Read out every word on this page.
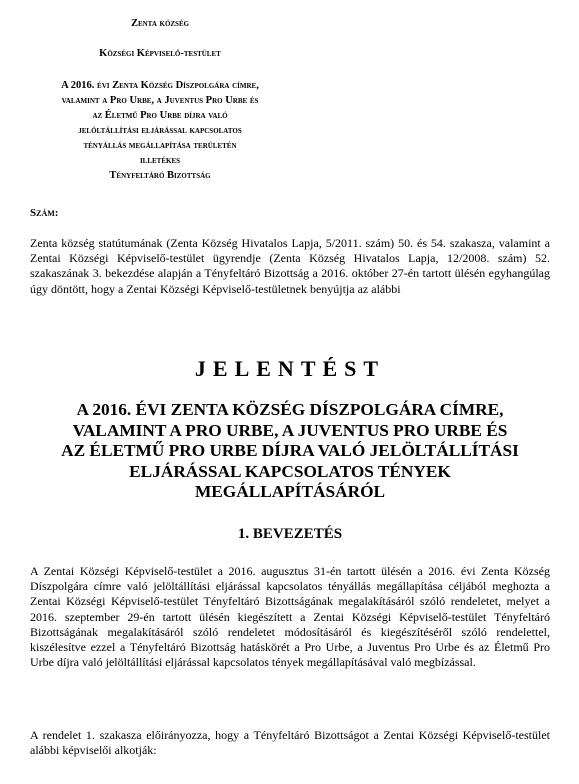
Zenta község

Községi Képviselő-testület

A 2016. évi Zenta Község Díszpolgára címre,

valamint a Pro Urbe, a Juventus Pro Urbe és

az Életmű Pro Urbe díjra való

jelöltállítási eljárással kapcsolatos

tényállás megállapítása területén

illetékes

Tényfeltáró Bizottság

Szám:

Zenta község statútumának (Zenta Község Hivatalos Lapja, 5/2011. szám) 50. és 54. szakasza, valamint a Zentai Községi Képviselő-testület ügyrendje (Zenta Község Hivatalos Lapja, 12/2008. szám) 52. szakaszának 3. bekezdése alapján a Tényfeltáró Bizottság a 2016. október 27-én tartott ülésén egyhangúlag úgy döntött, hogy a Zentai Községi Képviselő-testületnek benyújtja az alábbi

JELENTÉST
A 2016. ÉVI ZENTA KÖZSÉG DÍSZPOLGÁRA CÍMRE,
VALAMINT A PRO URBE, A JUVENTUS PRO URBE ÉS
AZ ÉLETMŰ PRO URBE DÍJRA VALÓ JELÖLTÁLLÍTÁSI
ELJÁRÁSSAL KAPCSOLATOS TÉNYEK
MEGÁLLAPÍTÁSÁRÓL
1. BEVEZETÉS

A Zentai Községi Képviselő-testület a 2016. augusztus 31-én tartott ülésén a 2016. évi Zenta Község Díszpolgára címre való jelöltállítási eljárással kapcsolatos tényállás megállapítása céljából meghozta a Zentai Községi Képviselő-testület Tényfeltáró Bizottságának megalakításáról szóló rendeletet, melyet a 2016. szeptember 29-én tartott ülésén kiegészített a Zentai Községi Képviselő-testület Tényfeltáró Bizottságának megalakításáról szóló rendeletet módosításáról és kiegészítéséről szóló rendelettel, kiszélesítve ezzel a Tényfeltáró Bizottság hatáskörét a Pro Urbe, a Juventus Pro Urbe és az Életmű Pro Urbe díjra való jelöltállítási eljárással kapcsolatos tények megállapításával való megbízással.

A rendelet 1. szakasza előirányozza, hogy a Tényfeltáró Bizottságot a Zentai Községi Képviselő-testület alábbi képviselői alkotják:
